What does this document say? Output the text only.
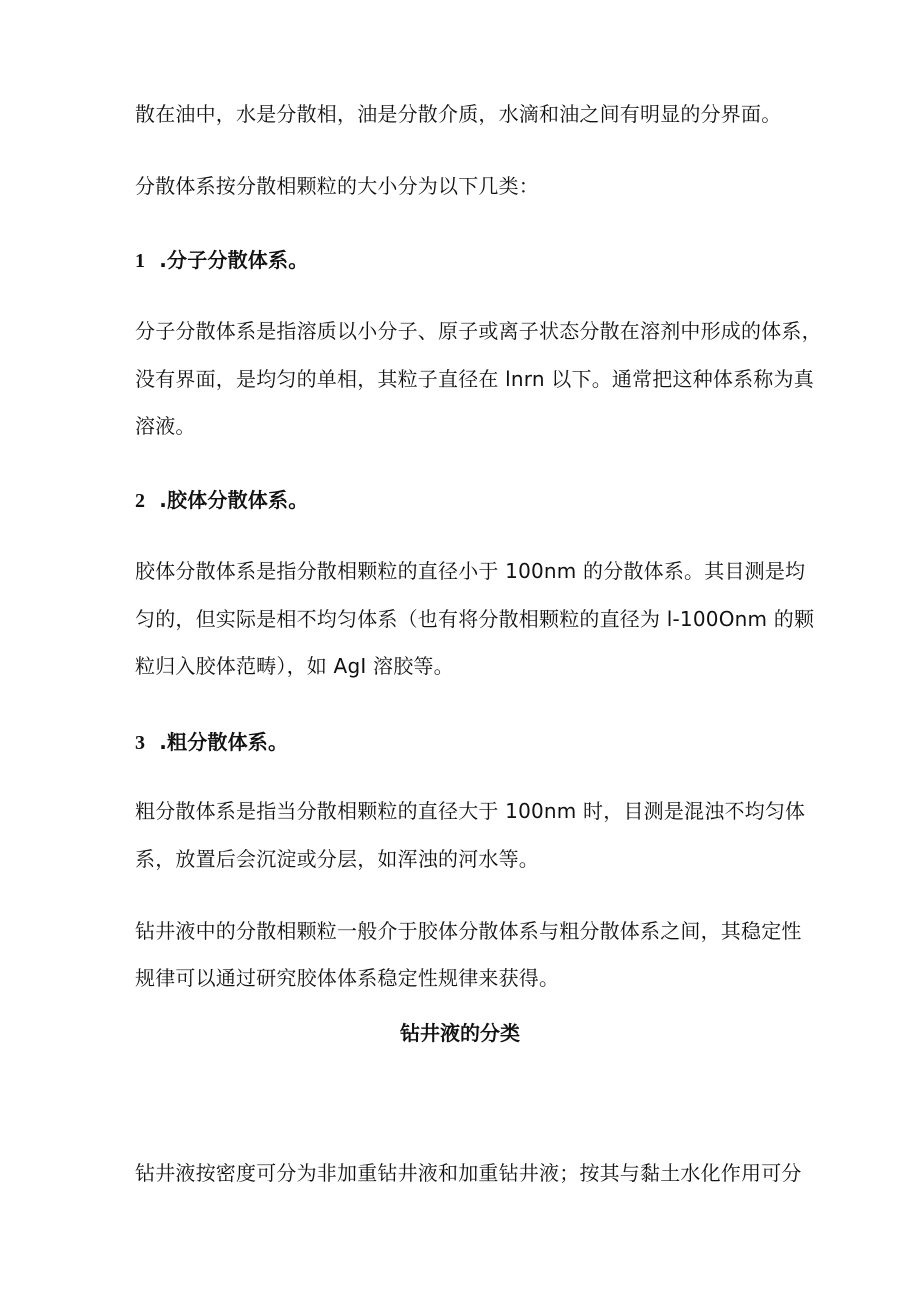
散在油中，水是分散相，油是分散介质，水滴和油之间有明显的分界面。
分散体系按分散相颗粒的大小分为以下几类：
1 .分子分散体系。
分子分散体系是指溶质以小分子、原子或离子状态分散在溶剂中形成的体系，
没有界面，是均匀的单相，其粒子直径在 lnrn 以下。通常把这种体系称为真
溶液。
2 .胶体分散体系。
胶体分散体系是指分散相颗粒的直径小于 100nm 的分散体系。其目测是均
匀的，但实际是相不均匀体系（也有将分散相颗粒的直径为 l-100Onm 的颗
粒归入胶体范畴），如 AgI 溶胶等。
3 .粗分散体系。
粗分散体系是指当分散相颗粒的直径大于 100nm 时，目测是混浊不均匀体
系，放置后会沉淀或分层，如浑浊的河水等。
钻井液中的分散相颗粒一般介于胶体分散体系与粗分散体系之间，其稳定性
规律可以通过研究胶体体系稳定性规律来获得。
钻井液的分类
钻井液按密度可分为非加重钻井液和加重钻井液；按其与黏土水化作用可分
